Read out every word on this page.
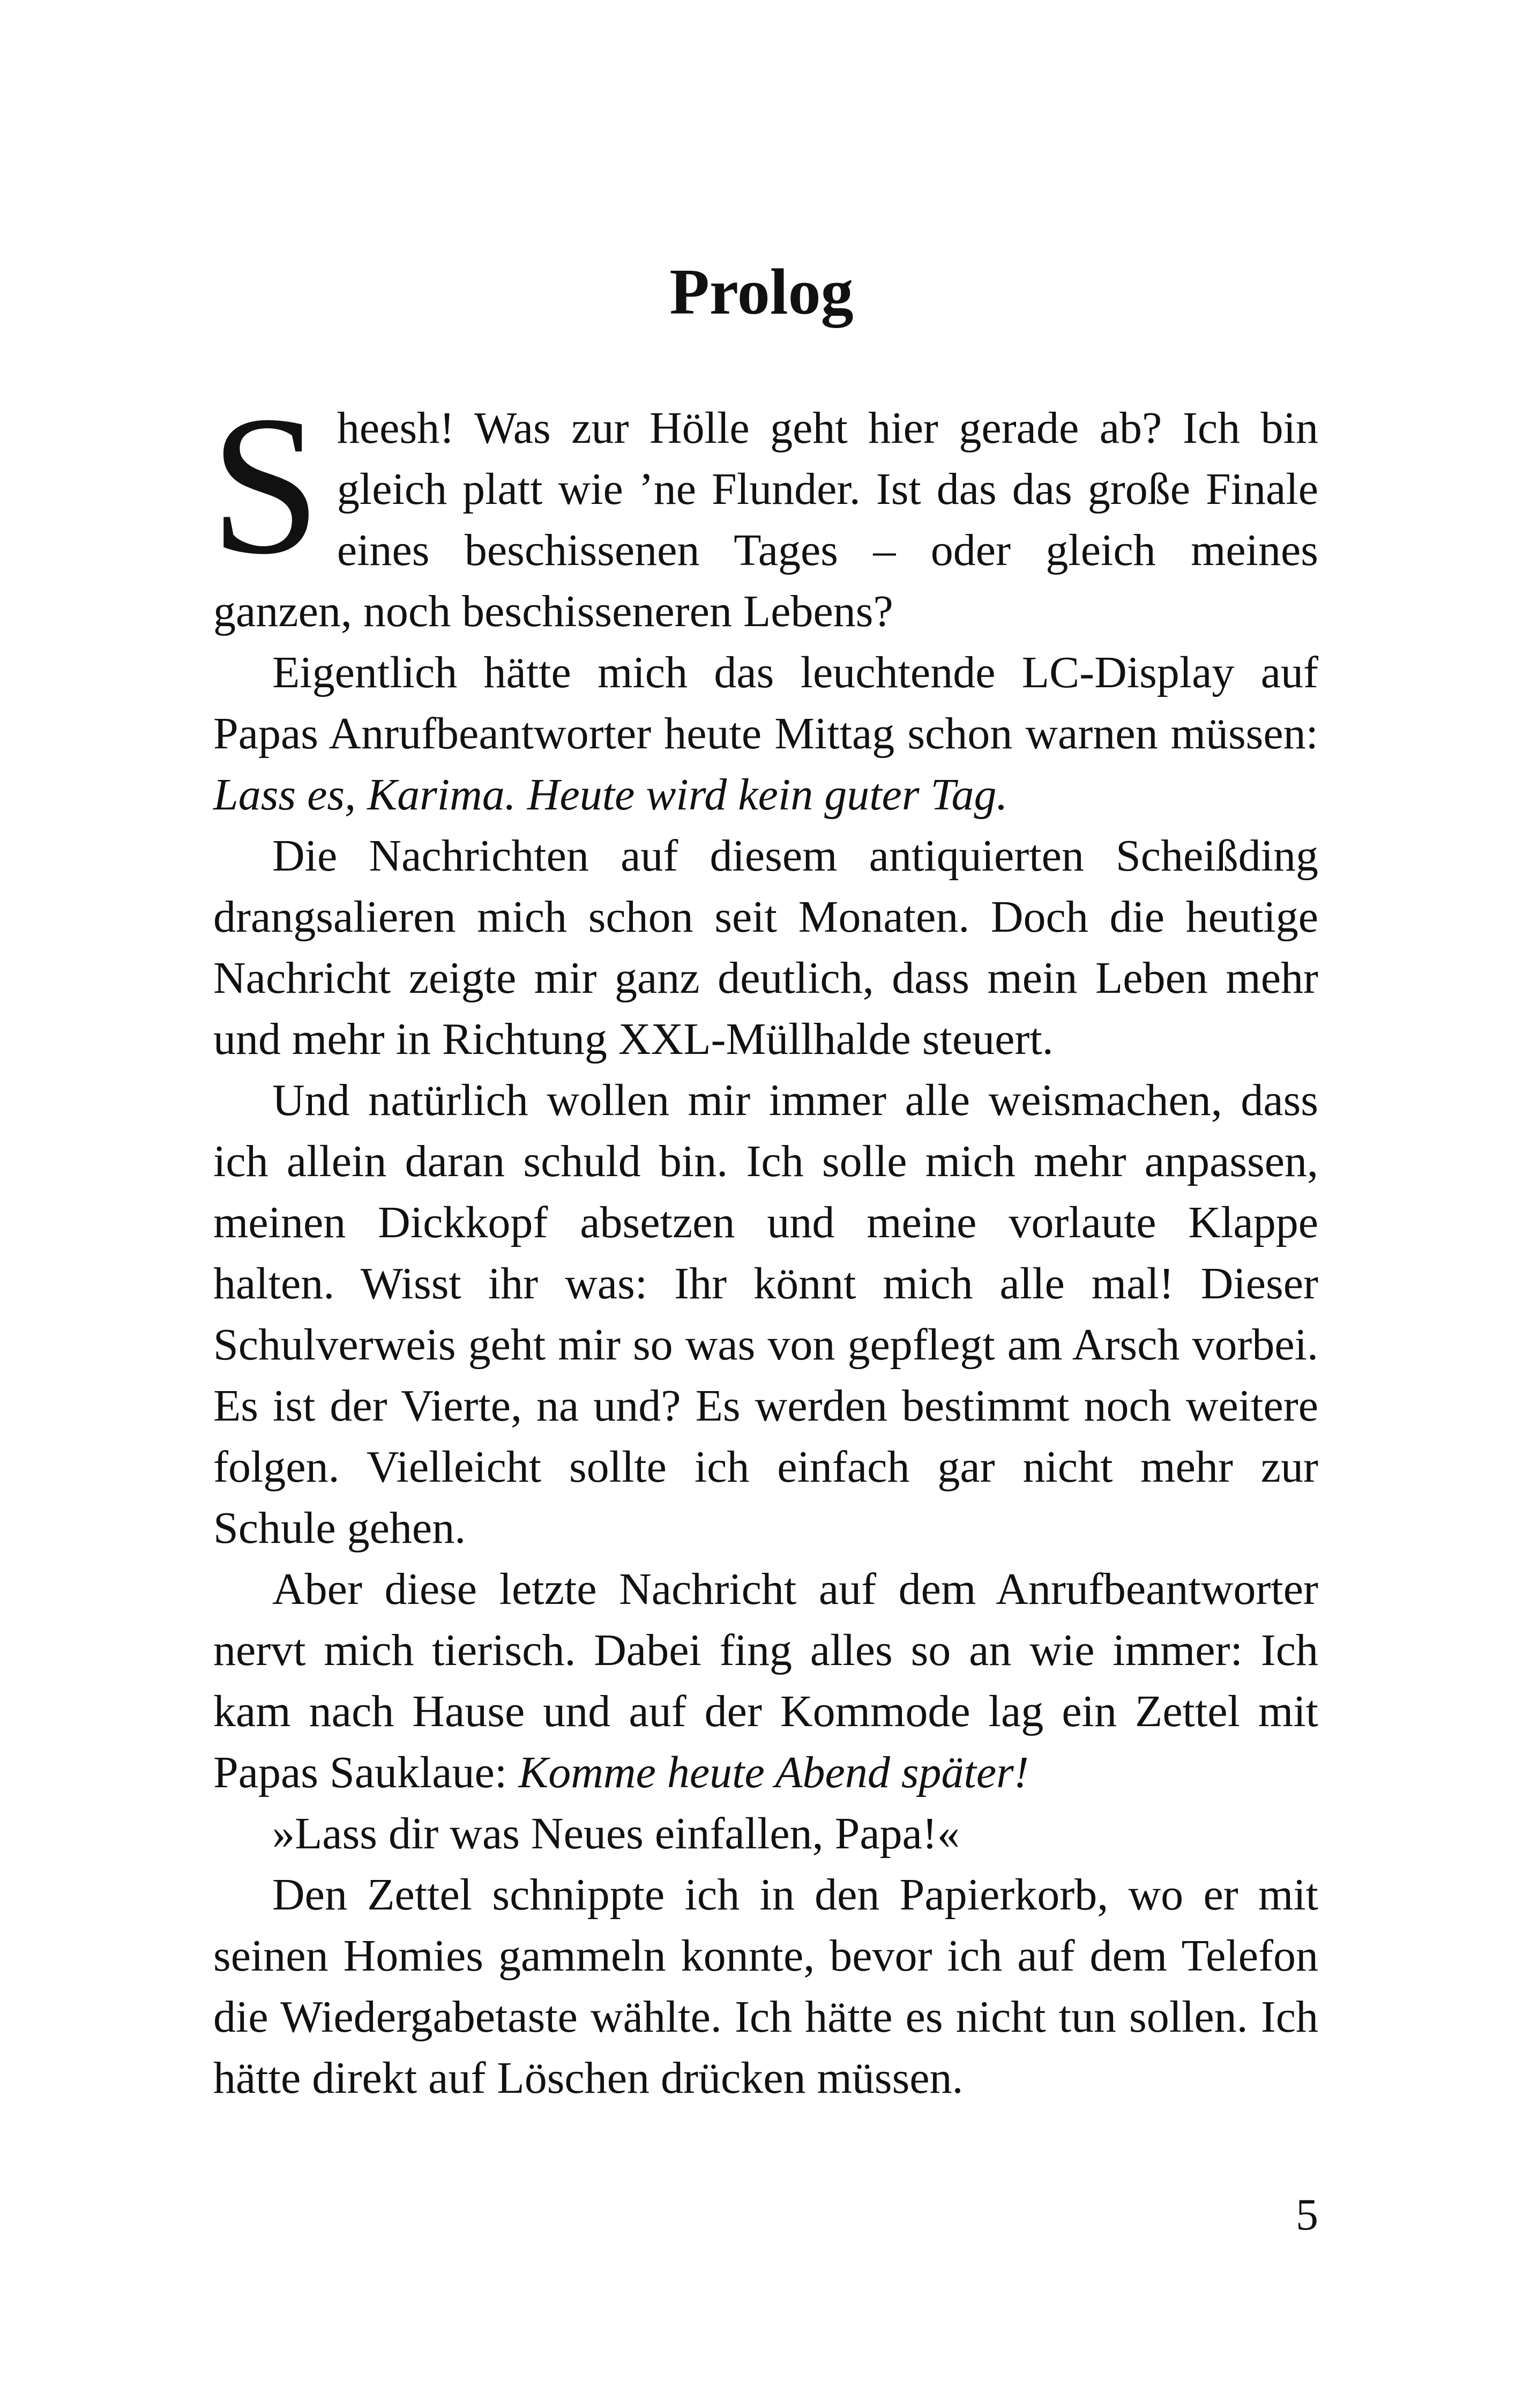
Prolog

Sheesh! Was zur Hölle geht hier gerade ab? Ich bin gleich platt wie ’ne Flunder. Ist das das große Finale eines beschissenen Tages – oder gleich meines ganzen, noch beschisseneren Lebens?

Eigentlich hätte mich das leuchtende LC-Display auf Papas Anrufbeantworter heute Mittag schon warnen müssen: Lass es, Karima. Heute wird kein guter Tag.

Die Nachrichten auf diesem antiquierten Scheißding drangsalieren mich schon seit Monaten. Doch die heutige Nachricht zeigte mir ganz deutlich, dass mein Leben mehr und mehr in Richtung XXL-Müllhalde steuert.

Und natürlich wollen mir immer alle weismachen, dass ich allein daran schuld bin. Ich solle mich mehr anpassen, meinen Dickkopf absetzen und meine vorlaute Klappe halten. Wisst ihr was: Ihr könnt mich alle mal! Dieser Schulverweis geht mir so was von gepflegt am Arsch vorbei. Es ist der Vierte, na und? Es werden bestimmt noch weitere folgen. Vielleicht sollte ich einfach gar nicht mehr zur Schule gehen.

Aber diese letzte Nachricht auf dem Anrufbeantworter nervt mich tierisch. Dabei fing alles so an wie immer: Ich kam nach Hause und auf der Kommode lag ein Zettel mit Papas Sauklaue: Komme heute Abend später!

»Lass dir was Neues einfallen, Papa!«

Den Zettel schnippte ich in den Papierkorb, wo er mit seinen Homies gammeln konnte, bevor ich auf dem Telefon die Wiedergabetaste wählte. Ich hätte es nicht tun sollen. Ich hätte direkt auf Löschen drücken müssen.

5
